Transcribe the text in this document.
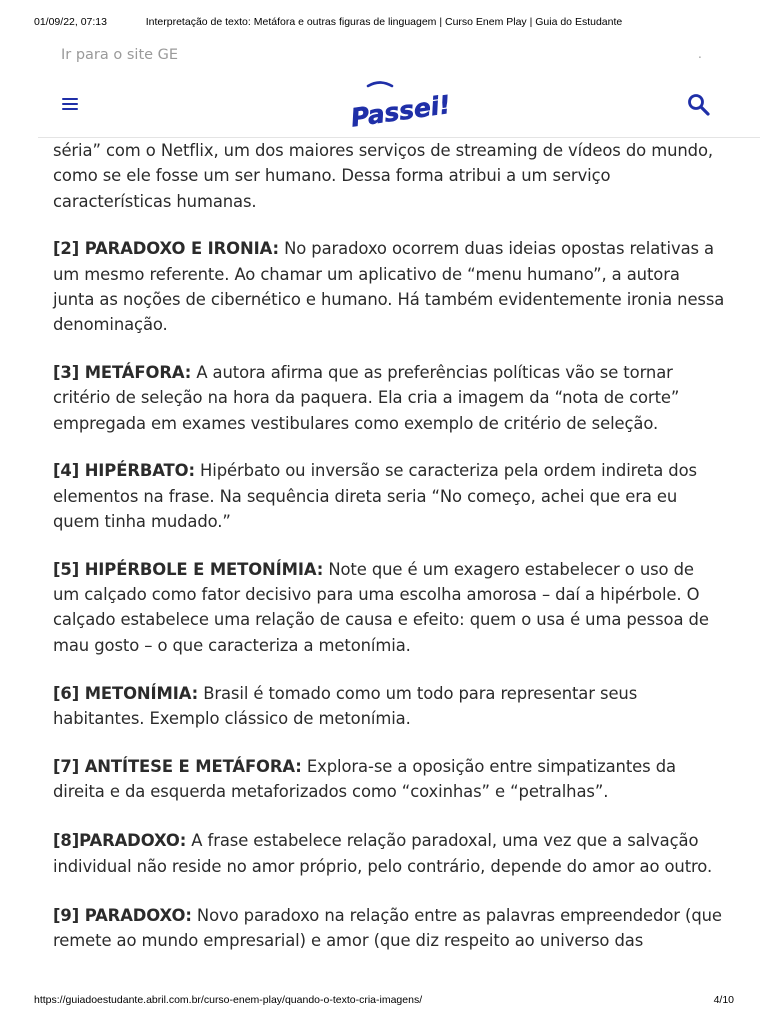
01/09/22, 07:13	Interpretação de texto: Metáfora e outras figuras de linguagem | Curso Enem Play | Guia do Estudante
Ir para o site GE	.
Passei!

séria” com o Netflix, um dos maiores serviços de streaming de vídeos do mundo, como se ele fosse um ser humano. Dessa forma atribui a um serviço características humanas.

[2] PARADOXO E IRONIA: No paradoxo ocorrem duas ideias opostas relativas a um mesmo referente. Ao chamar um aplicativo de “menu humano”, a autora junta as noções de cibernético e humano. Há também evidentemente ironia nessa denominação.

[3] METÁFORA: A autora afirma que as preferências políticas vão se tornar critério de seleção na hora da paquera. Ela cria a imagem da “nota de corte” empregada em exames vestibulares como exemplo de critério de seleção.

[4] HIPÉRBATO: Hipérbato ou inversão se caracteriza pela ordem indireta dos elementos na frase. Na sequência direta seria “No começo, achei que era eu quem tinha mudado.”

[5] HIPÉRBOLE E METONÍMIA: Note que é um exagero estabelecer o uso de um calçado como fator decisivo para uma escolha amorosa – daí a hipérbole. O calçado estabelece uma relação de causa e efeito: quem o usa é uma pessoa de mau gosto – o que caracteriza a metonímia.

[6] METONÍMIA: Brasil é tomado como um todo para representar seus habitantes. Exemplo clássico de metonímia.

[7] ANTÍTESE E METÁFORA: Explora-se a oposição entre simpatizantes da direita e da esquerda metaforizados como “coxinhas” e “petralhas”.

[8]PARADOXO: A frase estabelece relação paradoxal, uma vez que a salvação individual não reside no amor próprio, pelo contrário, depende do amor ao outro.

[9] PARADOXO: Novo paradoxo na relação entre as palavras empreendedor (que remete ao mundo empresarial) e amor (que diz respeito ao universo das

https://guiadoestudante.abril.com.br/curso-enem-play/quando-o-texto-cria-imagens/	4/10
